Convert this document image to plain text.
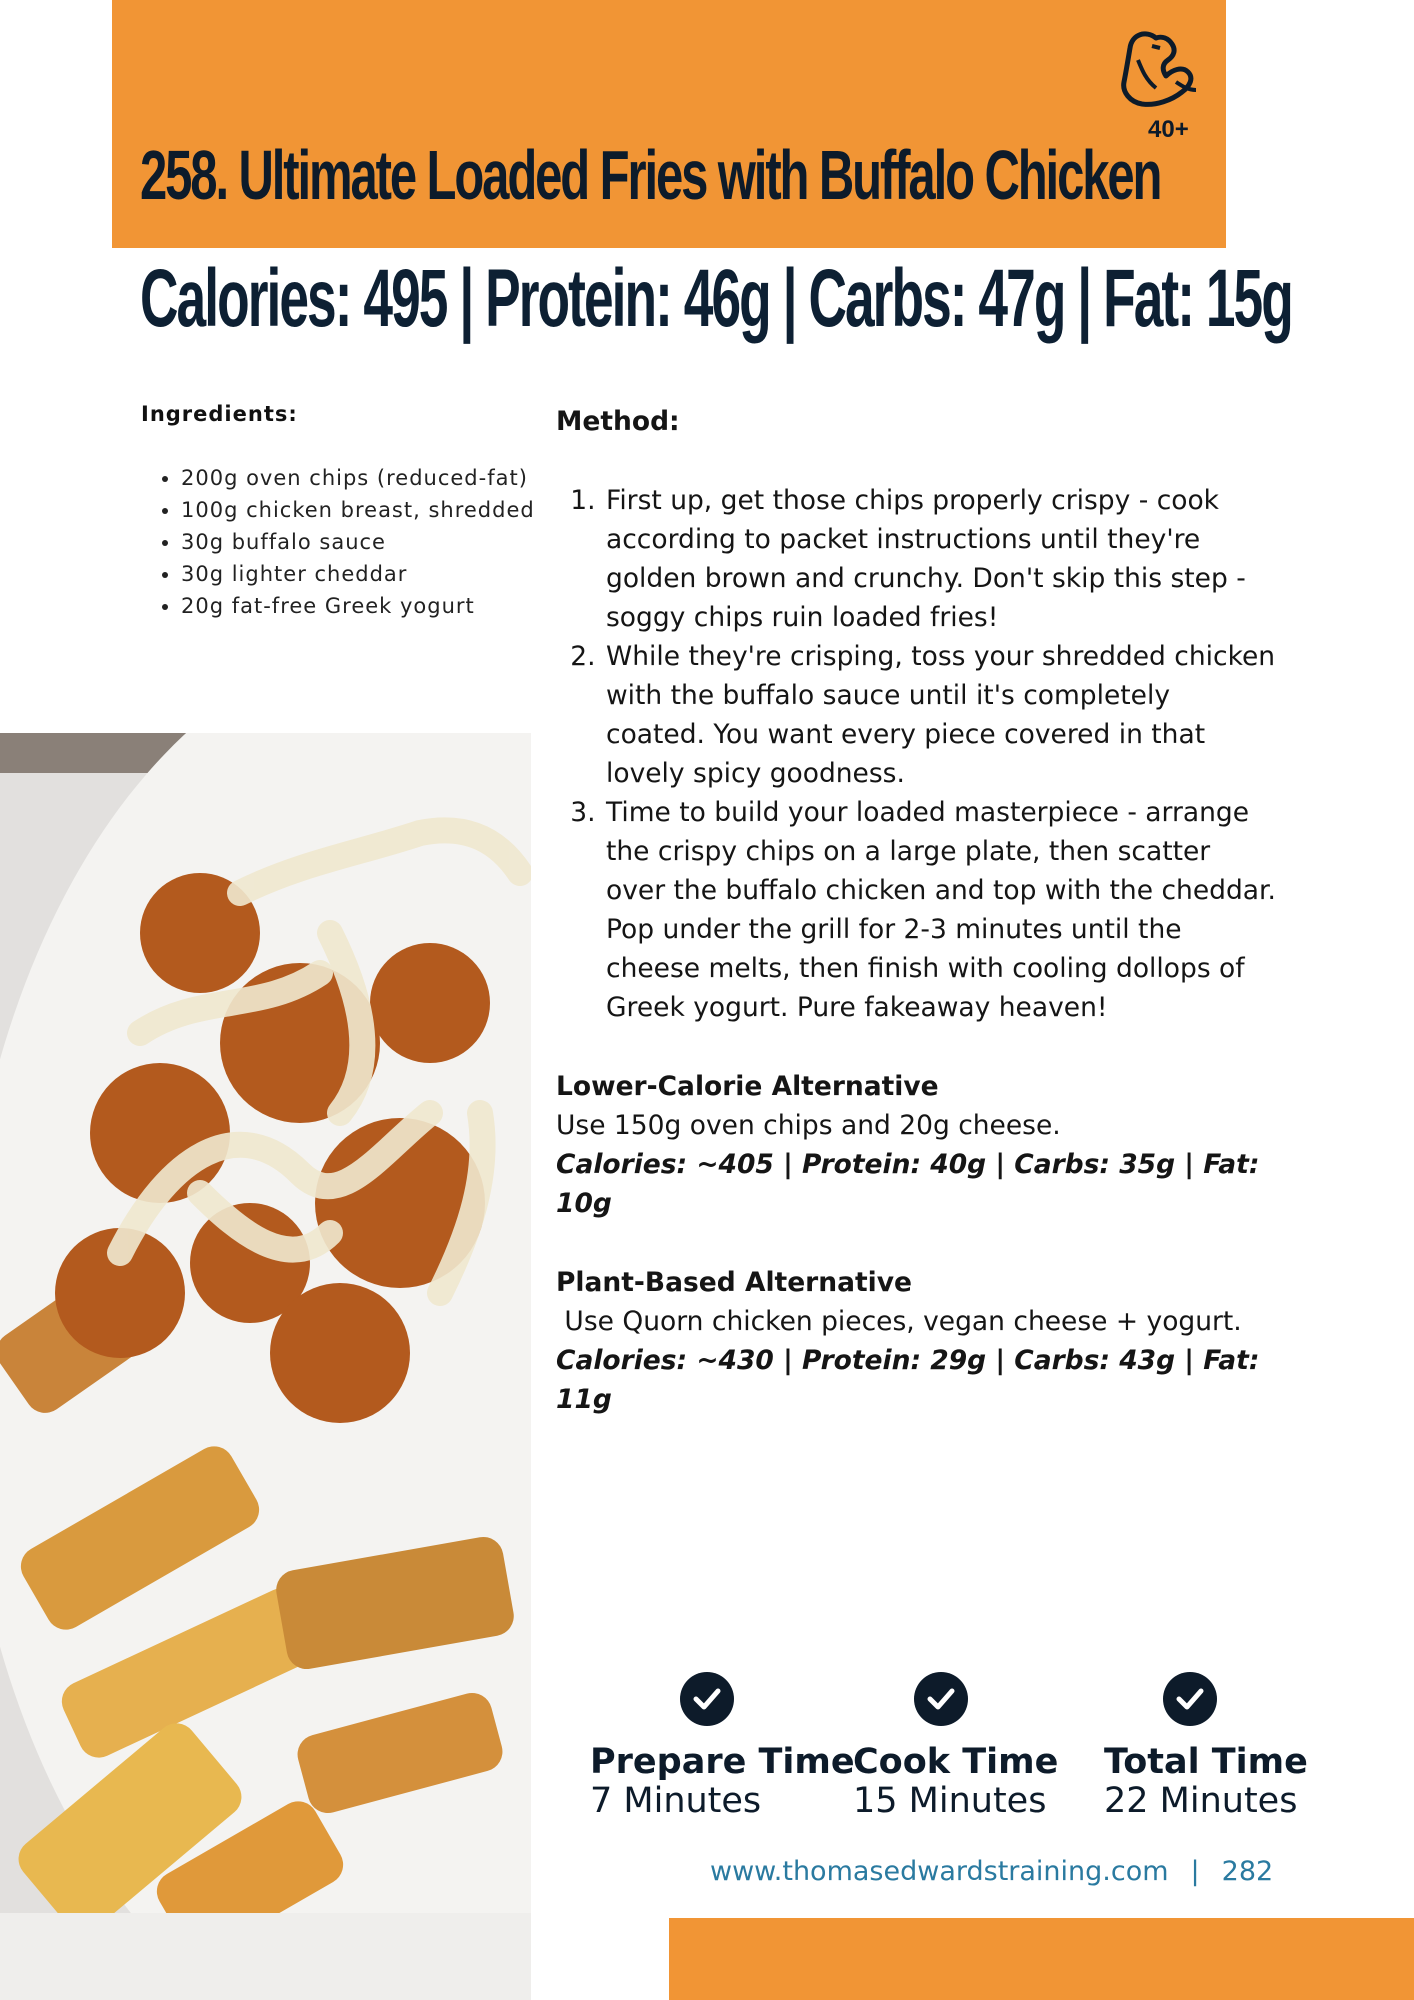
40+
258. Ultimate Loaded Fries with Buffalo Chicken
Calories: 495 | Protein: 46g | Carbs: 47g | Fat: 15g
Ingredients:
• 200g oven chips (reduced-fat)
• 100g chicken breast, shredded
• 30g buffalo sauce
• 30g lighter cheddar
• 20g fat-free Greek yogurt
Method:
1. First up, get those chips properly crispy - cook according to packet instructions until they're golden brown and crunchy. Don't skip this step - soggy chips ruin loaded fries!
2. While they're crisping, toss your shredded chicken with the buffalo sauce until it's completely coated. You want every piece covered in that lovely spicy goodness.
3. Time to build your loaded masterpiece - arrange the crispy chips on a large plate, then scatter over the buffalo chicken and top with the cheddar. Pop under the grill for 2-3 minutes until the cheese melts, then finish with cooling dollops of Greek yogurt. Pure fakeaway heaven!
Lower-Calorie Alternative
Use 150g oven chips and 20g cheese.
Calories: ~405 | Protein: 40g | Carbs: 35g | Fat: 10g
Plant-Based Alternative
Use Quorn chicken pieces, vegan cheese + yogurt.
Calories: ~430 | Protein: 29g | Carbs: 43g | Fat: 11g
Prepare Time
7 Minutes
Cook Time
15 Minutes
Total Time
22 Minutes
www.thomasedwardstraining.com | 282
